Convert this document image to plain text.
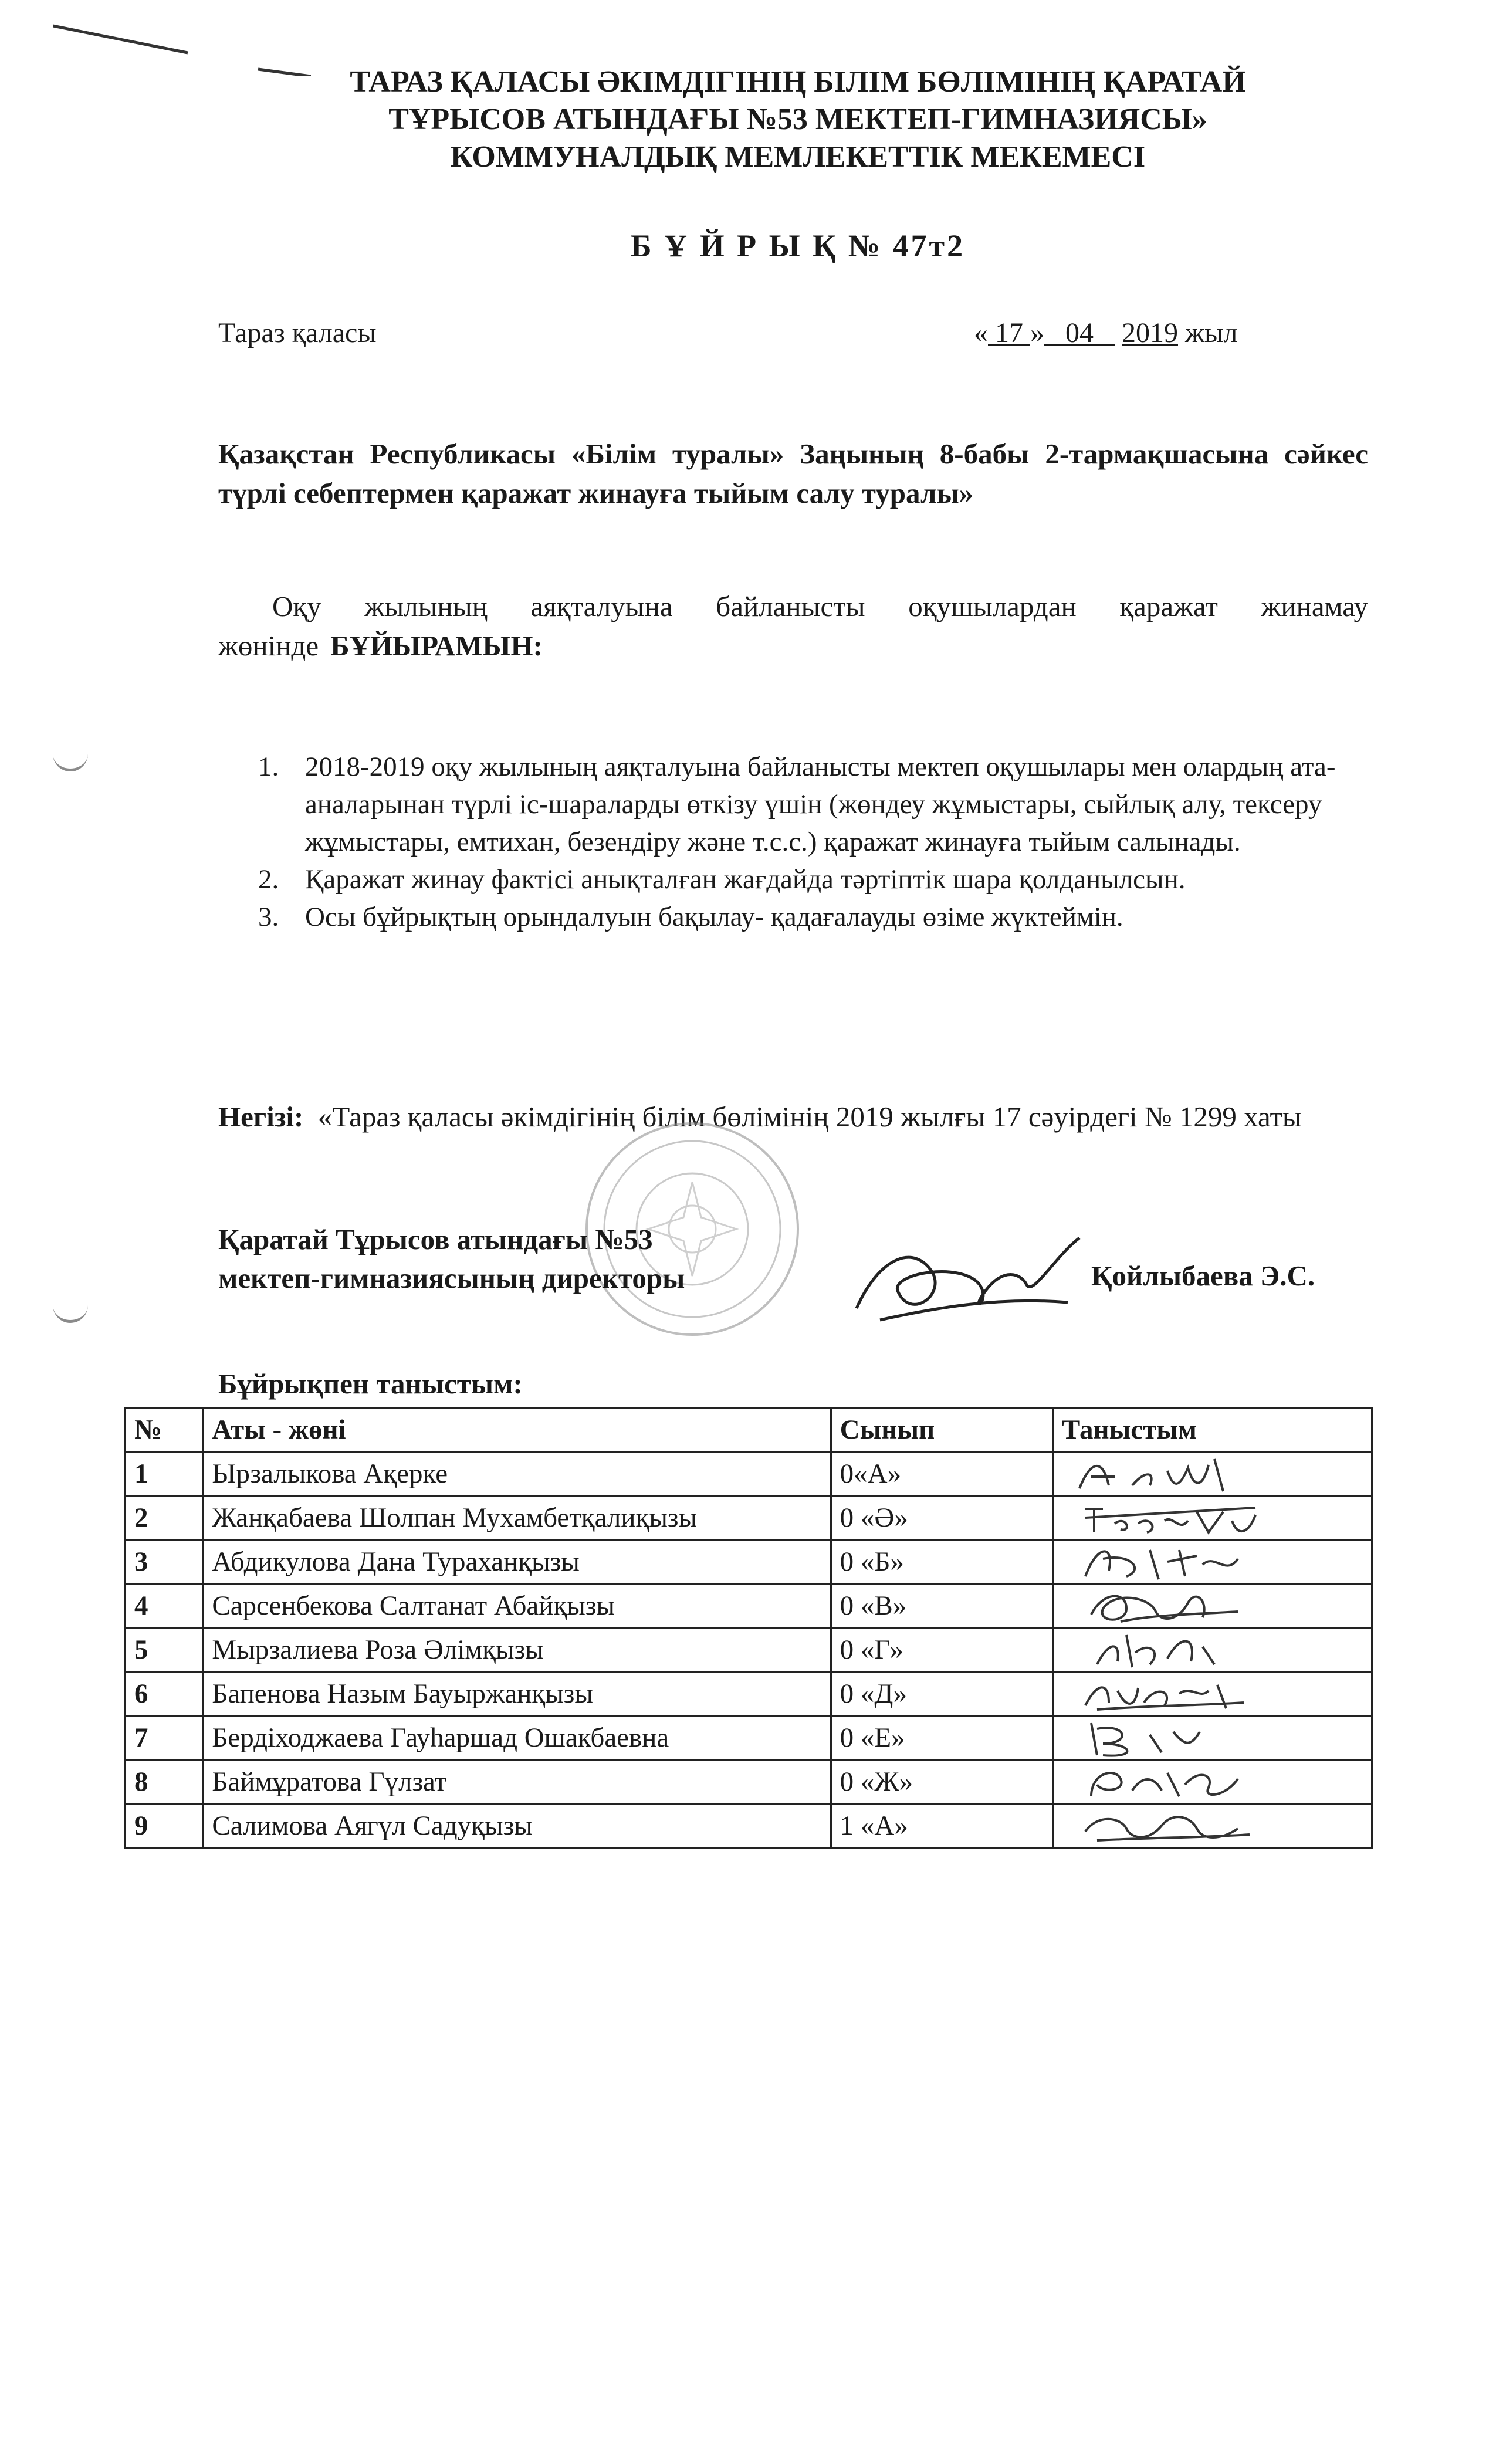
ТАРАЗ ҚАЛАСЫ ӘКІМДІГІНІҢ БІЛІМ БӨЛІМІНІҢ ҚАРАТАЙ
ТҰРЫСОВ АТЫНДАҒЫ №53 МЕКТЕП-ГИМНАЗИЯСЫ»
КОММУНАЛДЫҚ МЕМЛЕКЕТТІК МЕКЕМЕСІ
Б Ұ Й Р Ы Қ № 47т2
Тараз қаласы	« 17 »   04    2019 жыл
Қазақстан Республикасы «Білім туралы» Заңының 8-бабы 2-тармақшасына сәйкес түрлі себептермен қаражат жинауға тыйым салу туралы»
Оқу жылының аяқталуына байланысты оқушылардан қаражат жинамау жөнінде БҰЙЫРАМЫН:
1. 2018-2019 оқу жылының аяқталуына байланысты мектеп оқушылары мен олардың ата-аналарынан түрлі іс-шараларды өткізу үшін (жөндеу жұмыстары, сыйлық алу, тексеру жұмыстары, емтихан, безендіру және т.с.с.) қаражат жинауға тыйым салынады.
2. Қаражат жинау фактісі анықталған жағдайда тәртіптік шара қолданылсын.
3. Осы бұйрықтың орындалуын бақылау- қадағалауды өзіме жүктеймін.
Негізі: «Тараз қаласы әкімдігінің білім бөлімінің 2019 жылғы 17 сәуірдегі № 1299 хаты
Қаратай Тұрысов атындағы №53
мектеп-гимназиясының директоры	Қойлыбаева Э.С.
Бұйрықпен таныстым:
№	Аты - жөні	Сынып	Таныстым
1	Ырзалыкова Ақерке	0«А»	

2	Жанқабаева Шолпан Мухамбетқалиқызы	0 «Ә»	

3	Абдикулова Дана Тураханқызы	0 «Б»	

4	Сарсенбекова Салтанат Абайқызы	0 «В»	

5	Мырзалиева Роза Әлімқызы	0 «Г»	

6	Бапенова Назым Бауыржанқызы	0 «Д»	

7	Бердіходжаева Гауһаршад Ошакбаевна	0 «Е»	

8	Баймұратова Гүлзат	0 «Ж»	

9	Салимова Аягүл Садуқызы	1 «А»	
